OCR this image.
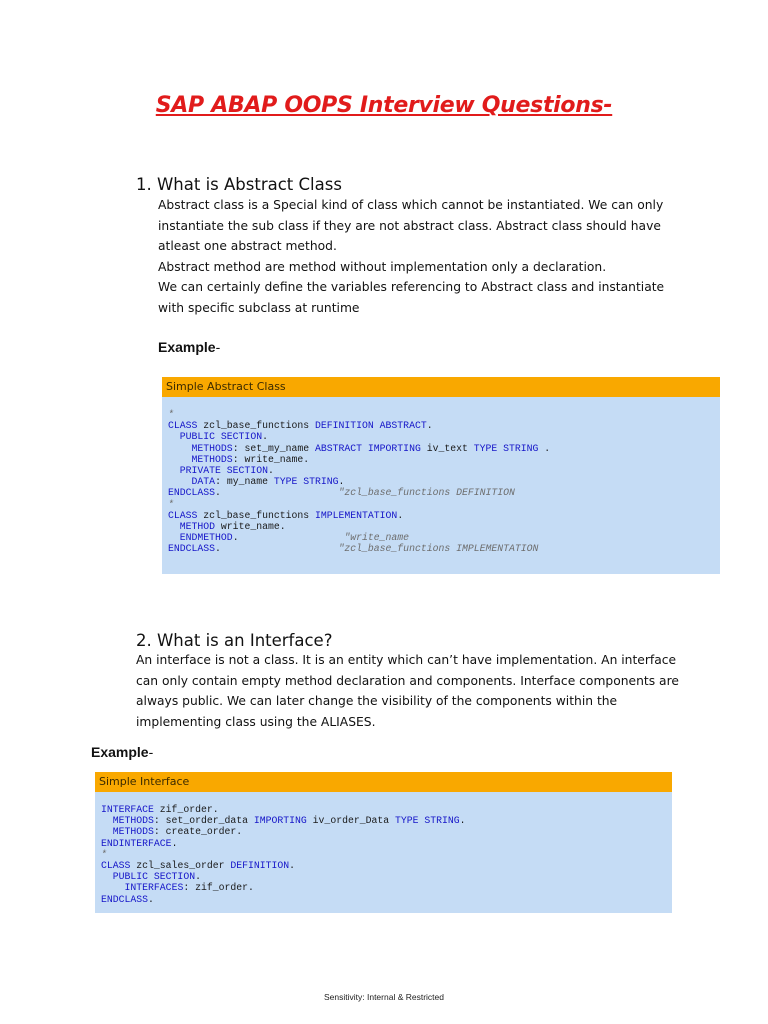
SAP ABAP OOPS Interview Questions-
1. What is Abstract Class
Abstract class is a Special kind of class which cannot be instantiated. We can only
instantiate the sub class if they are not abstract class. Abstract class should have
atleast one abstract method.
Abstract method are method without implementation only a declaration.
We can certainly define the variables referencing to Abstract class and instantiate
with specific subclass at runtime
Example-
Simple Abstract Class
*
CLASS zcl_base_functions DEFINITION ABSTRACT.
PUBLIC SECTION.
METHODS: set_my_name ABSTRACT IMPORTING iv_text TYPE STRING .
METHODS: write_name.
PRIVATE SECTION.
DATA: my_name TYPE STRING.
ENDCLASS.                    "zcl_base_functions DEFINITION
*
CLASS zcl_base_functions IMPLEMENTATION.
METHOD write_name.
ENDMETHOD.                  "write_name
ENDCLASS.                    "zcl_base_functions IMPLEMENTATION
2. What is an Interface?
An interface is not a class. It is an entity which can’t have implementation. An interface
can only contain empty method declaration and components. Interface components are
always public. We can later change the visibility of the components within the
implementing class using the ALIASES.
Example-
Simple Interface
INTERFACE zif_order.
METHODS: set_order_data IMPORTING iv_order_Data TYPE STRING.
METHODS: create_order.
ENDINTERFACE.
*
CLASS zcl_sales_order DEFINITION.
PUBLIC SECTION.
INTERFACES: zif_order.
ENDCLASS.
Sensitivity: Internal & Restricted
